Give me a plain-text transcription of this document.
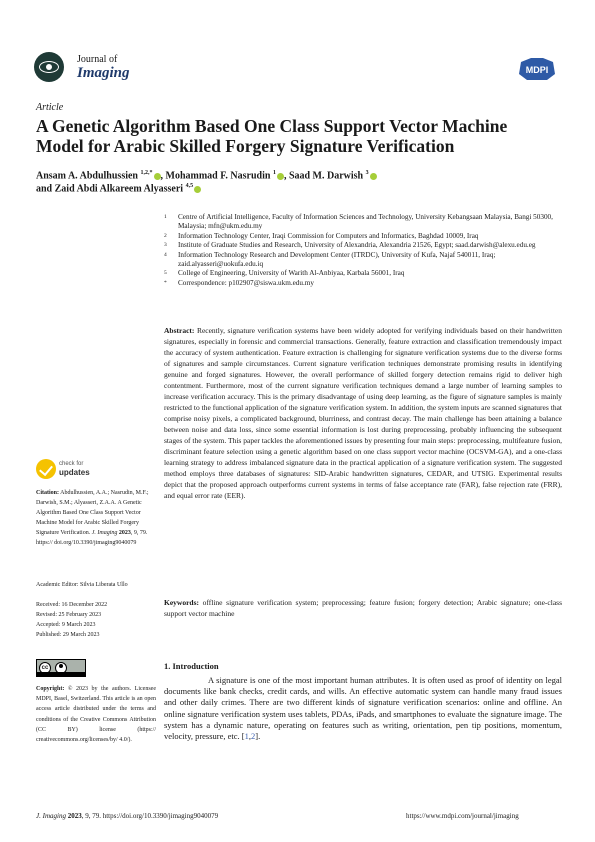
Journal of
Imaging	MDPI
Article
A Genetic Algorithm Based One Class Support Vector Machine Model for Arabic Skilled Forgery Signature Verification
Ansam A. Abdulhussien $^{1,2,*}$ , Mohammad F. Nasrudin $^1$ , Saad M. Darwish $^3$
and Zaid Abdi Alkareem Alyasseri $^{4,5}$
1	Centre of Artificial Intelligence, Faculty of Information Sciences and Technology, University Kebangsaan Malaysia, Bangi 50300, Malaysia; mfn@ukm.edu.my
2	Information Technology Center, Iraqi Commission for Computers and Informatics, Baghdad 10009, Iraq
3	Institute of Graduate Studies and Research, University of Alexandria, Alexandria 21526, Egypt; saad.darwish@alexu.edu.eg
4	Information Technology Research and Development Center (ITRDC), University of Kufa, Najaf 540011, Iraq; zaid.alyasseri@uokufa.edu.iq
5	College of Engineering, University of Warith Al-Anbiyaa, Karbala 56001, Iraq
*	Correspondence: p102907@siswa.ukm.edu.my
Abstract: Recently, signature verification systems have been widely adopted for verifying individuals based on their handwritten signatures, especially in forensic and commercial transactions. Generally, feature extraction and classification tremendously impact the accuracy of system authentication. Feature extraction is challenging for signature verification systems due to the diverse forms of signatures and sample circumstances. Current signature verification techniques demonstrate promising results in identifying genuine and forged signatures. However, the overall performance of skilled forgery detection remains rigid to deliver high contentment. Furthermore, most of the current signature verification techniques demand a large number of learning samples to increase verification accuracy. This is the primary disadvantage of using deep learning, as the figure of signature samples is mainly restricted to the functional application of the signature verification system. In addition, the system inputs are scanned signatures that comprise noisy pixels, a complicated background, blurriness, and contrast decay. The main challenge has been attaining a balance between noise and data loss, since some essential information is lost during preprocessing, probably influencing the subsequent stages of the system. This paper tackles the aforementioned issues by presenting four main steps: preprocessing, multifeature fusion, discriminant feature selection using a genetic algorithm based on one class support vector machine (OCSVM-GA), and a one-class learning strategy to address imbalanced signature data in the practical application of a signature verification system. The suggested method employs three databases of signatures: SID-Arabic handwritten signatures, CEDAR, and UTSIG. Experimental results depict that the proposed approach outperforms current systems in terms of false acceptance rate (FAR), false rejection rate (FRR), and equal error rate (EER).
Keywords: offline signature verification system; preprocessing; feature fusion; forgery detection; Arabic signature; one-class support vector machine
check for
updates
Citation: Abdulhussien, A.A.; Nasrudin, M.F.; Darwish, S.M.; Alyasseri, Z.A.A. A Genetic Algorithm Based One Class Support Vector Machine Model for Arabic Skilled Forgery Signature Verification. J. Imaging 2023, 9, 79. https:// doi.org/10.3390/jimaging9040079
Academic Editor: Silvia Liberata Ullo
Received: 16 December 2022
Revised: 25 February 2023
Accepted: 9 March 2023
Published: 29 March 2023
cc
Copyright: © 2023 by the authors. Licensee MDPI, Basel, Switzerland. This article is an open access article distributed under the terms and conditions of the Creative Commons Attribution (CC BY) license (https:// creativecommons.org/licenses/by/ 4.0/).
1. Introduction
A signature is one of the most important human attributes. It is often used as proof of identity on legal documents like bank checks, credit cards, and wills. An effective automatic system can handle many fraud issues and other daily crimes. There are two different kinds of signature verification scenarios: online and offline. An online signature verification system uses tablets, PDAs, iPads, and smartphones to evaluate the signature image. The system has a dynamic nature, operating on features such as writing, orientation, pen tip positions, momentum, velocity, pressure, etc. [1,2].
J. Imaging 2023, 9, 79. https://doi.org/10.3390/jimaging9040079	https://www.mdpi.com/journal/jimaging
